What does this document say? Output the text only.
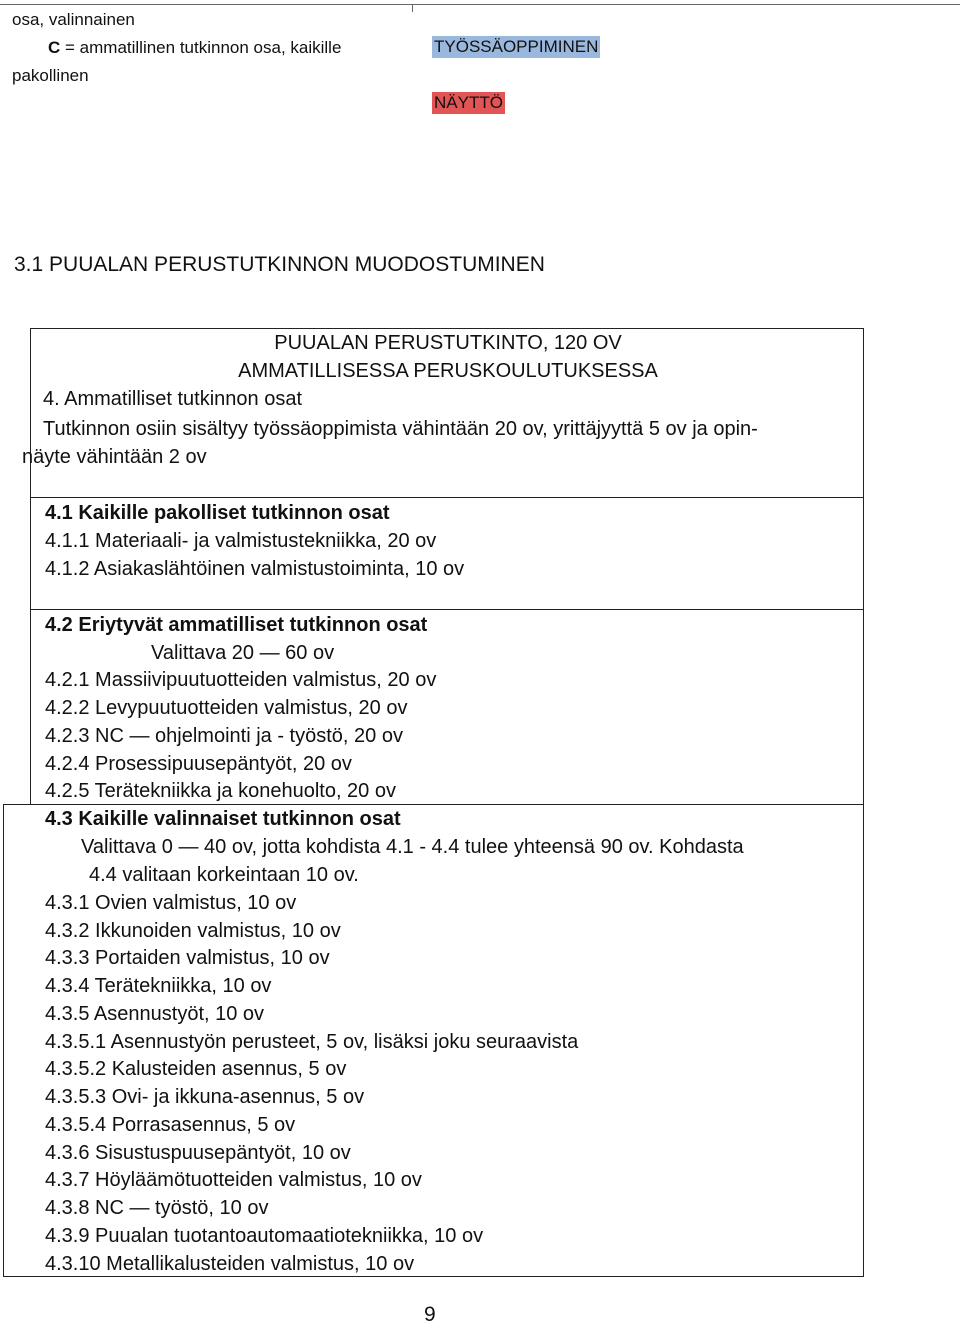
osa, valinnainen
C = ammatillinen tutkinnon osa, kaikille
pakollinen
TYÖSSÄOPPIMINEN
NÄYTTÖ
3.1 PUUALAN PERUSTUTKINNON MUODOSTUMINEN
PUUALAN PERUSTUTKINTO, 120 OV
AMMATILLISESSA PERUSKOULUTUKSESSA
4. Ammatilliset tutkinnon osat
Tutkinnon osiin sisältyy työssäoppimista vähintään 20 ov, yrittäjyyttä 5 ov ja opin-
näyte vähintään 2 ov
4.1 Kaikille pakolliset tutkinnon osat
4.1.1 Materiaali- ja valmistustekniikka, 20 ov
4.1.2 Asiakaslähtöinen valmistustoiminta, 10 ov
4.2 Eriytyvät ammatilliset tutkinnon osat
Valittava 20 — 60 ov
4.2.1 Massiivipuutuotteiden valmistus, 20 ov
4.2.2 Levypuutuotteiden valmistus, 20 ov
4.2.3 NC — ohjelmointi ja - työstö, 20 ov
4.2.4 Prosessipuusepäntyöt, 20 ov
4.2.5 Terätekniikka ja konehuolto, 20 ov
4.3 Kaikille valinnaiset tutkinnon osat
Valittava 0 — 40 ov, jotta kohdista 4.1 - 4.4 tulee yhteensä 90 ov. Kohdasta
4.4 valitaan korkeintaan 10 ov.
4.3.1 Ovien valmistus, 10 ov
4.3.2 Ikkunoiden valmistus, 10 ov
4.3.3 Portaiden valmistus, 10 ov
4.3.4 Terätekniikka, 10 ov
4.3.5 Asennustyöt, 10 ov
4.3.5.1 Asennustyön perusteet, 5 ov, lisäksi joku seuraavista
4.3.5.2 Kalusteiden asennus, 5 ov
4.3.5.3 Ovi- ja ikkuna-asennus, 5 ov
4.3.5.4 Porrasasennus, 5 ov
4.3.6 Sisustuspuusepäntyöt, 10 ov
4.3.7 Höyläämötuotteiden valmistus, 10 ov
4.3.8 NC — työstö, 10 ov
4.3.9 Puualan tuotantoautomaatiotekniikka, 10 ov
4.3.10 Metallikalusteiden valmistus, 10 ov
9
